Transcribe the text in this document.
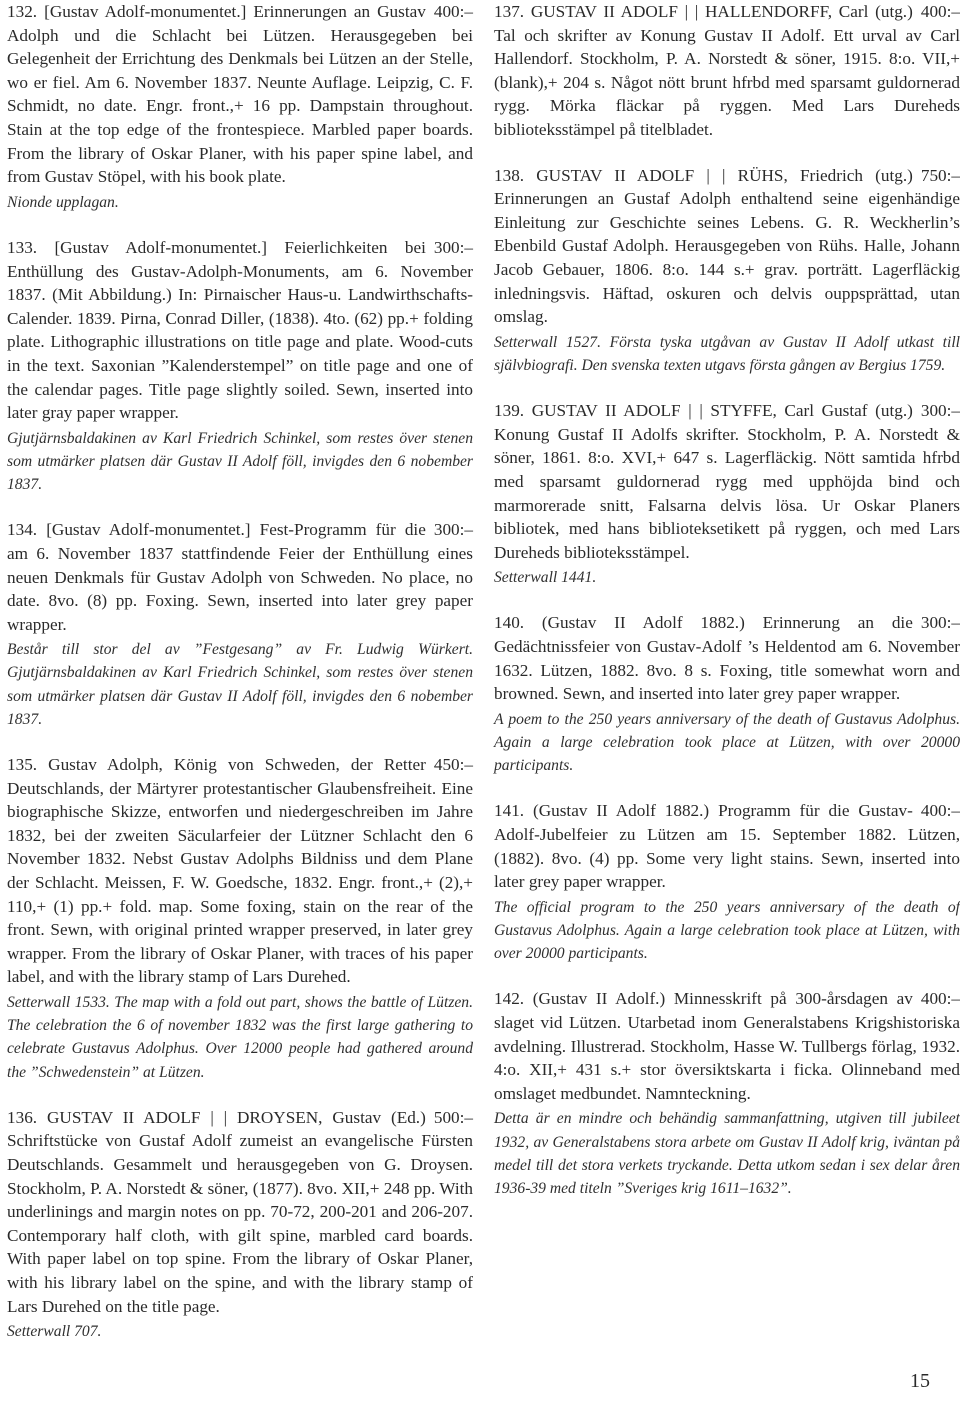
400:–
132. [Gustav Adolf-monumentet.] Erinnerungen an Gustav Adolph und die Schlacht bei Lützen. Herausgegeben bei Gelegenheit der Errichtung des Denkmals bei Lützen an der Stelle, wo er fiel. Am 6. November 1837. Neunte Auflage. Leipzig, C. F. Schmidt, no date. Engr. front.,+ 16 pp. Dampstain throughout. Stain at the top edge of the frontespiece. Marbled paper boards. From the library of Oskar Planer, with his paper spine label, and from Gustav Stöpel, with his book plate.

Nionde upplagan.

300:–
133. [Gustav Adolf-monumentet.] Feierlichkeiten bei Enthüllung des Gustav-Adolph-Monuments, am 6. November 1837. (Mit Abbildung.) In: Pirnaischer Haus-u. Landwirthschafts-Calender. 1839. Pirna, Conrad Diller, (1838). 4to. (62) pp.+ folding plate. Lithographic illustrations on title page and plate. Wood-cuts in the text. Saxonian ”Kalenderstempel” on title page and one of the calendar pages. Title page slightly soiled. Sewn, inserted into later gray paper wrapper.

Gjutjärnsbaldakinen av Karl Friedrich Schinkel, som restes över stenen som utmärker platsen där Gustav II Adolf föll, invigdes den 6 nobember 1837.

300:–
134. [Gustav Adolf-monumentet.] Fest-Programm für die am 6. November 1837 stattfindende Feier der Enthüllung eines neuen Denkmals für Gustav Adolph von Schweden. No place, no date. 8vo. (8) pp. Foxing. Sewn, inserted into later grey paper wrapper.

Består till stor del av ”Festgesang” av Fr. Ludwig Würkert. Gjutjärnsbaldakinen av Karl Friedrich Schinkel, som restes över stenen som utmärker platsen där Gustav II Adolf föll, invigdes den 6 nobember 1837.

450:–
135. Gustav Adolph, König von Schweden, der Retter Deutschlands, der Märtyrer protestantischer Glaubensfreiheit. Eine biographische Skizze, entworfen und niedergeschreiben im Jahre 1832, bei der zweiten Säcularfeier der Lützner Schlacht den 6 November 1832. Nebst Gustav Adolphs Bildniss und dem Plane der Schlacht. Meissen, F. W. Goedsche, 1832. Engr. front.,+ (2),+ 110,+ (1) pp.+ fold. map. Some foxing, stain on the rear of the front. Sewn, with original printed wrapper preserved, in later grey wrapper. From the library of Oskar Planer, with traces of his paper label, and with the library stamp of Lars Durehed.

Setterwall 1533. The map with a fold out part, shows the battle of Lützen. The celebration the 6 of november 1832 was the first large gathering to celebrate Gustavus Adolphus. Over 12000 people had gathered around the ”Schwedenstein” at Lützen.

500:–
136. GUSTAV II ADOLF | | DROYSEN, Gustav (Ed.) Schriftstücke von Gustaf Adolf zumeist an evangelische Fürsten Deutschlands. Gesammelt und herausgegeben von G. Droysen. Stockholm, P. A. Norstedt & söner, (1877). 8vo. XII,+ 248 pp. With underlinings and margin notes on pp. 70-72, 200-201 and 206-207. Contemporary half cloth, with gilt spine, marbled card boards. With paper label on top spine. From the library of Oskar Planer, with his library label on the spine, and with the library stamp of Lars Durehed on the title page.

Setterwall 707.

400:–
137. GUSTAV II ADOLF | | HALLENDORFF, Carl (utg.) Tal och skrifter av Konung Gustav II Adolf. Ett urval av Carl Hallendorf. Stockholm, P. A. Norstedt & söner, 1915. 8:o. VII,+ (blank),+ 204 s. Något nött brunt hfrbd med sparsamt guldornerad rygg. Mörka fläckar på ryggen. Med Lars Dureheds biblioteksstämpel på titelbladet.
750:–
138. GUSTAV II ADOLF | | RÜHS, Friedrich (utg.) Erinnerungen an Gustaf Adolph enthaltend seine eigenhändige Einleitung zur Geschichte seines Lebens. G. R. Weckherlin’s Ebenbild Gustaf Adolph. Herausgegeben von Rühs. Halle, Johann Jacob Gebauer, 1806. 8:o. 144 s.+ grav. porträtt. Lagerfläckig inledningsvis. Häftad, oskuren och delvis ouppsprättad, utan omslag.

Setterwall 1527. Första tyska utgåvan av Gustav II Adolf utkast till självbiografi. Den svenska texten utgavs första gången av Bergius 1759.

300:–
139. GUSTAV II ADOLF | | STYFFE, Carl Gustaf (utg.) Konung Gustaf II Adolfs skrifter. Stockholm, P. A. Norstedt & söner, 1861. 8:o. XVI,+ 647 s. Lagerfläckig. Nött samtida hfrbd med sparsamt guldornerad rygg med upphöjda bind och marmorerade snitt, Falsarna delvis lösa. Ur Oskar Planers bibliotek, med hans biblioteksetikett på ryggen, och med Lars Dureheds biblioteksstämpel.

Setterwall 1441.

300:–
140. (Gustav II Adolf 1882.) Erinnerung an die Gedächtnissfeier von Gustav-Adolf ’s Heldentod am 6. November 1632. Lützen, 1882. 8vo. 8 s. Foxing, title somewhat worn and browned. Sewn, and inserted into later grey paper wrapper.

A poem to the 250 years anniversary of the death of Gustavus Adolphus. Again a large celebration took place at Lützen, with over 20000 participants.

400:–
141. (Gustav II Adolf 1882.) Programm für die Gustav-Adolf-Jubelfeier zu Lützen am 15. September 1882. Lützen, (1882). 8vo. (4) pp. Some very light stains. Sewn, inserted into later grey paper wrapper.

The official program to the 250 years anniversary of the death of Gustavus Adolphus. Again a large celebration took place at Lützen, with over 20000 participants.

400:–
142. (Gustav II Adolf.) Minnesskrift på 300-årsdagen av slaget vid Lützen. Utarbetad inom Generalstabens Krigshistoriska avdelning. Illustrerad. Stockholm, Hasse W. Tullbergs förlag, 1932. 4:o. XII,+ 431 s.+ stor översiktskarta i ficka. Olinneband med omslaget medbundet. Namnteckning.

Detta är en mindre och behändig sammanfattning, utgiven till jubileet 1932, av Generalstabens stora arbete om Gustav II Adolf krig, iväntan på medel till det stora verkets tryckande. Detta utkom sedan i sex delar åren 1936-39 med titeln ”Sveriges krig 1611–1632”.

15
